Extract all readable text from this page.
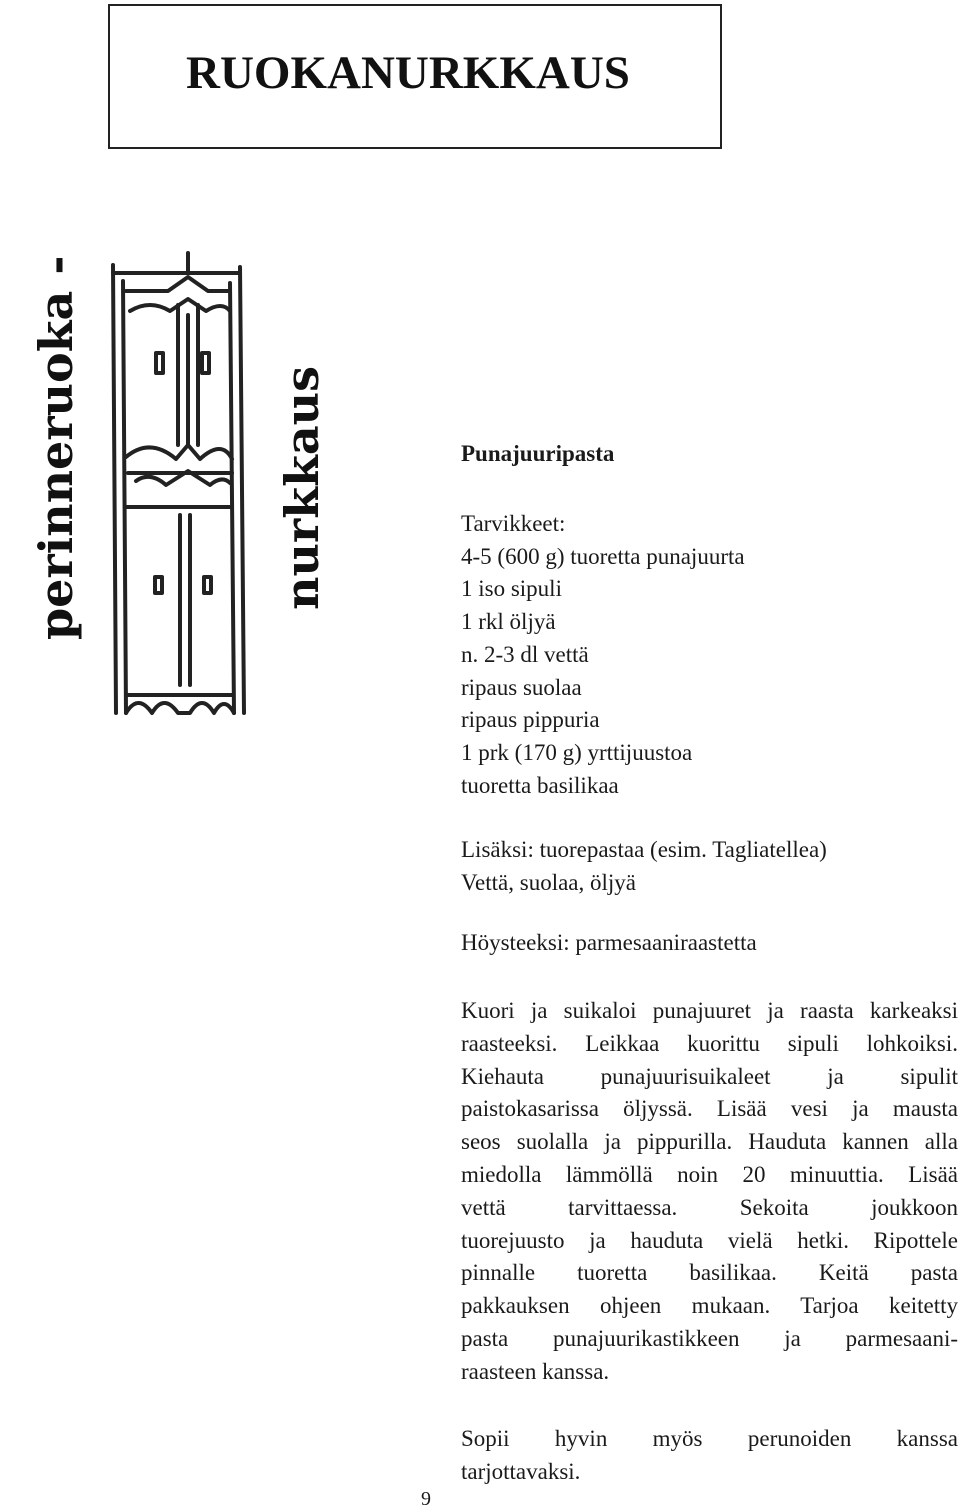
RUOKANURKKAUS
perinneruoka -	nurkkaus	Punajuuripasta
Tarvikkeet:
4-5 (600 g) tuoretta punajuurta
1 iso sipuli
1 rkl öljyä
n. 2-3 dl vettä
ripaus suolaa
ripaus pippuria
1 prk (170 g) yrttijuustoa
tuoretta basilikaa
Lisäksi: tuorepastaa (esim. Tagliatellea)
Vettä, suolaa, öljyä
Höysteeksi: parmesaaniraastetta
Kuori ja suikaloi punajuuret ja raasta karkeaksi
raasteeksi. Leikkaa kuorittu sipuli lohkoiksi.
Kiehauta punajuurisuikaleet ja sipulit
paistokasarissa öljyssä. Lisää vesi ja mausta
seos suolalla ja pippurilla. Hauduta kannen alla
miedolla lämmöllä noin 20 minuuttia. Lisää
vettä tarvittaessa. Sekoita joukkoon
tuorejuusto ja hauduta vielä hetki. Ripottele
pinnalle tuoretta basilikaa. Keitä pasta
pakkauksen ohjeen mukaan. Tarjoa keitetty
pasta punajuurikastikkeen ja parmesaani-
raasteen kanssa.
Sopii hyvin myös perunoiden kanssa
tarjottavaksi.
9
